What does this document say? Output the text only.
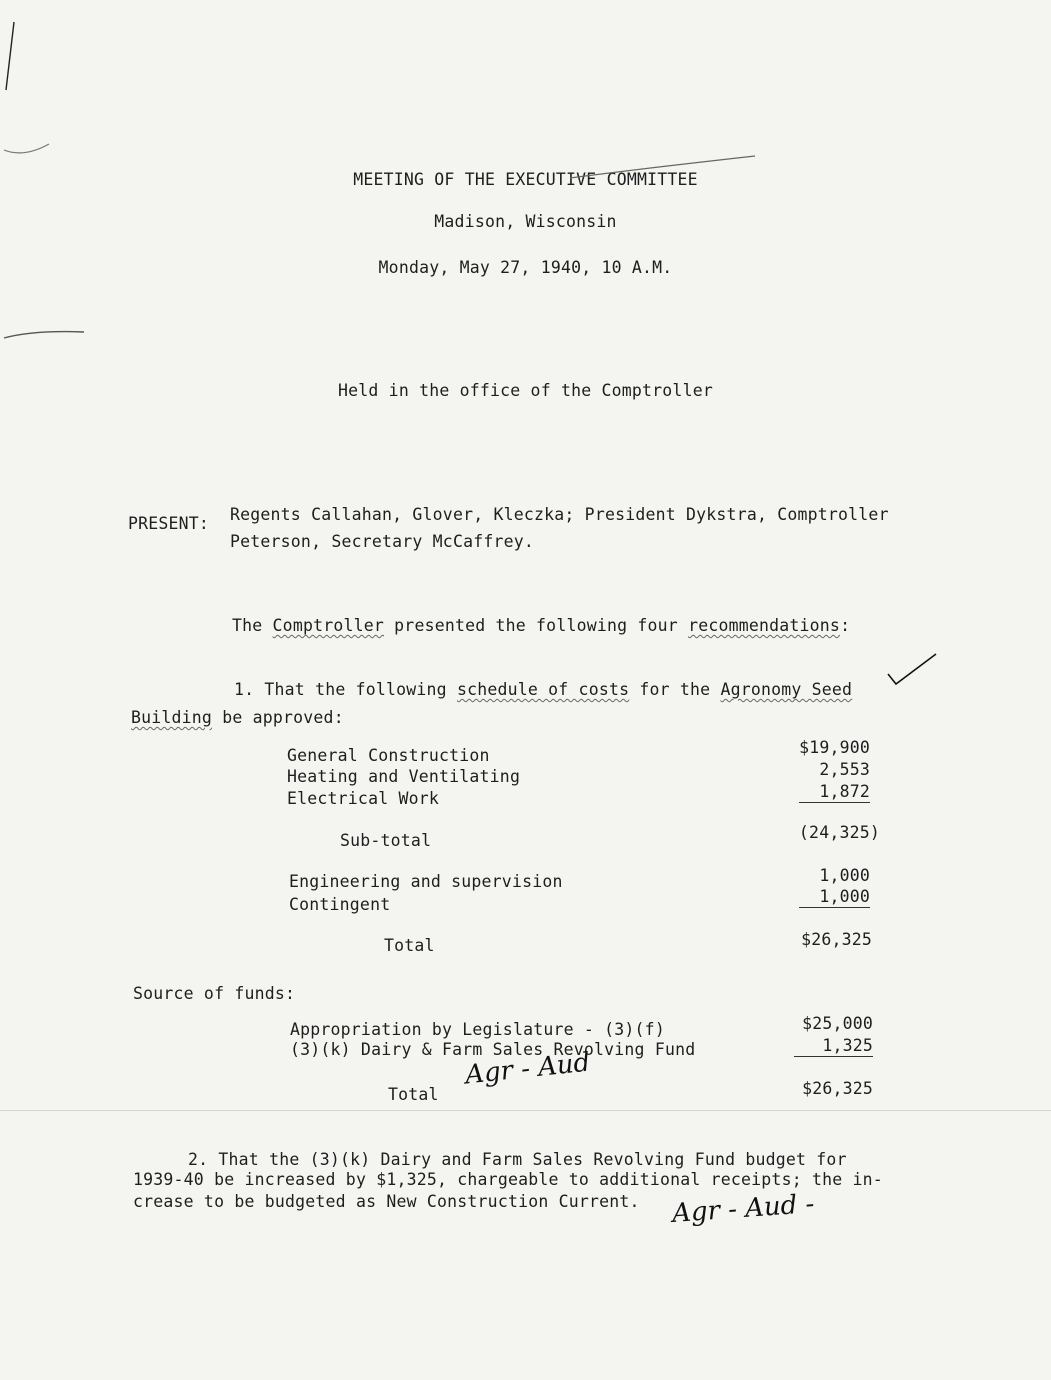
MEETING OF THE EXECUTIVE COMMITTEE
Madison, Wisconsin
Monday, May 27, 1940, 10 A.M.
Held in the office of the Comptroller
PRESENT: Regents Callahan, Glover, Kleczka; President Dykstra, Comptroller
Peterson, Secretary McCaffrey.
The Comptroller presented the following four recommendations:
1. That the following schedule of costs for the Agronomy Seed
Building be approved:
General Construction	$19,900
Heating and Ventilating	2,553
Electrical Work	1,872
Sub-total	(24,325)
Engineering and supervision	1,000
Contingent	1,000
Total	$26,325
Source of funds:
Appropriation by Legislature - (3)(f)	$25,000
(3)(k) Dairy & Farm Sales Revolving Fund	1,325
Total	$26,325
2. That the (3)(k) Dairy and Farm Sales Revolving Fund budget for
1939-40 be increased by $1,325, chargeable to additional receipts; the in-
crease to be budgeted as New Construction Current.
Agr - Aud
Agr - Aud -
